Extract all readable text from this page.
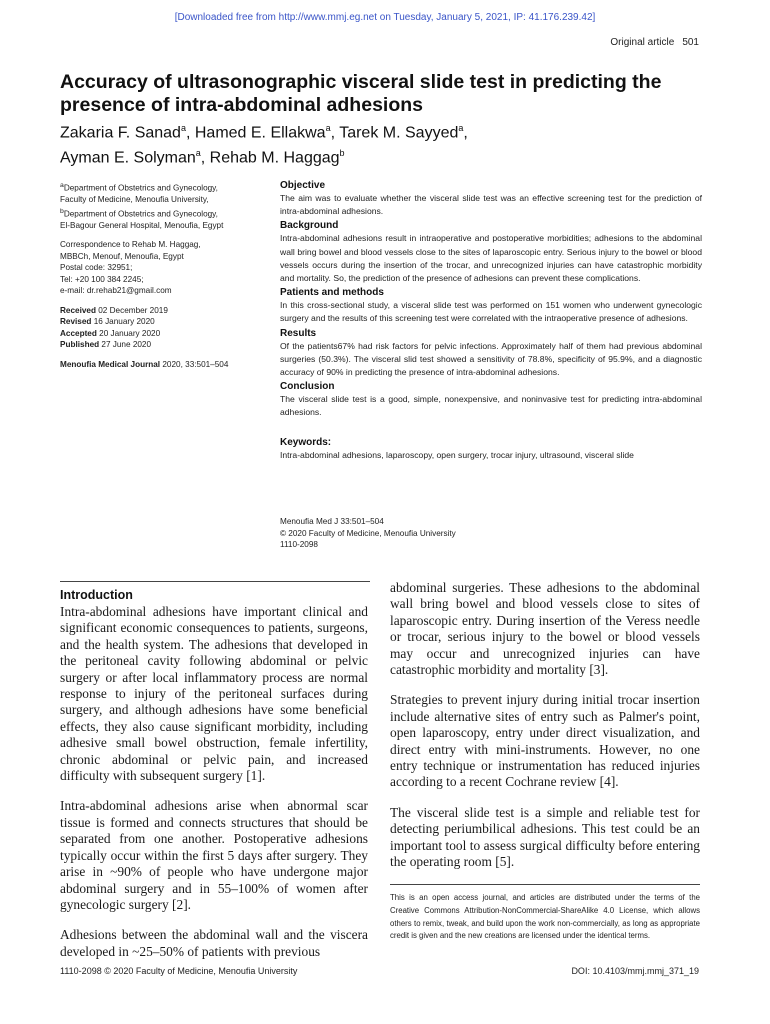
[Downloaded free from http://www.mmj.eg.net on Tuesday, January 5, 2021, IP: 41.176.239.42]
Original article 501
Accuracy of ultrasonographic visceral slide test in predicting the presence of intra-abdominal adhesions
Zakaria F. Sanad$^a$, Hamed E. Ellakwa$^a$, Tarek M. Sayyed$^a$,
Ayman E. Solyman$^a$, Rehab M. Haggag$^b$
$^a$Department of Obstetrics and Gynecology,
Faculty of Medicine, Menoufia University,
$^b$Department of Obstetrics and Gynecology,
El-Bagour General Hospital, Menoufia, Egypt
Correspondence to Rehab M. Haggag,
MBBCh, Menouf, Menoufia, Egypt
Postal code: 32951;
Tel: +20 100 384 2245;
e-mail: dr.rehab21@gmail.com
Received 02 December 2019
Revised 16 January 2020
Accepted 20 January 2020
Published 27 June 2020
Menoufia Medical Journal 2020, 33:501–504
Objective

The aim was to evaluate whether the visceral slide test was an effective screening test for the prediction of intra-abdominal adhesions.

Background

Intra-abdominal adhesions result in intraoperative and postoperative morbidities; adhesions to the abdominal wall bring bowel and blood vessels close to the sites of laparoscopic entry. Serious injury to the bowel or blood vessels occurs during the insertion of the trocar, and unrecognized injuries can have catastrophic morbidity and mortality. So, the prediction of the presence of adhesions can prevent these complications.

Patients and methods

In this cross-sectional study, a visceral slide test was performed on 151 women who underwent gynecologic surgery and the results of this screening test were correlated with the intraoperative presence of adhesions.

Results

Of the patients67% had risk factors for pelvic infections. Approximately half of them had previous abdominal surgeries (50.3%). The visceral slid test showed a sensitivity of 78.8%, specificity of 95.9%, and a diagnostic accuracy of 90% in predicting the presence of intra-abdominal adhesions.

Conclusion

The visceral slide test is a good, simple, nonexpensive, and noninvasive test for predicting intra-abdominal adhesions.

Keywords:

Intra-abdominal adhesions, laparoscopy, open surgery, trocar injury, ultrasound, visceral slide

Menoufia Med J 33:501–504
© 2020 Faculty of Medicine, Menoufia University
1110-2098
Introduction

Intra-abdominal adhesions have important clinical and significant economic consequences to patients, surgeons, and the health system. The adhesions that developed in the peritoneal cavity following abdominal or pelvic surgery or after local inflammatory process are normal response to injury of the peritoneal surfaces during surgery, and although adhesions have some beneficial effects, they also cause significant morbidity, including adhesive small bowel obstruction, female infertility, chronic abdominal or pelvic pain, and increased difficulty with subsequent surgery [1].

Intra-abdominal adhesions arise when abnormal scar tissue is formed and connects structures that should be separated from one another. Postoperative adhesions typically occur within the first 5 days after surgery. They arise in ~90% of people who have undergone major abdominal surgery and in 55–100% of women after gynecologic surgery [2].

Adhesions between the abdominal wall and the viscera developed in ~25–50% of patients with previous

abdominal surgeries. These adhesions to the abdominal wall bring bowel and blood vessels close to sites of laparoscopic entry. During insertion of the Veress needle or trocar, serious injury to the bowel or blood vessels may occur and unrecognized injuries can have catastrophic morbidity and mortality [3].

Strategies to prevent injury during initial trocar insertion include alternative sites of entry such as Palmer's point, open laparoscopy, entry under direct visualization, and direct entry with mini-instruments. However, no one entry technique or instrumentation has reduced injuries according to a recent Cochrane review [4].

The visceral slide test is a simple and reliable test for detecting periumbilical adhesions. This test could be an important tool to assess surgical difficulty before entering the operating room [5].

This is an open access journal, and articles are distributed under the terms of the Creative Commons Attribution-NonCommercial-ShareAlike 4.0 License, which allows others to remix, tweak, and build upon the work non-commercially, as long as appropriate credit is given and the new creations are licensed under the identical terms.
1110-2098 © 2020 Faculty of Medicine, Menoufia University	DOI: 10.4103/mmj.mmj_371_19
